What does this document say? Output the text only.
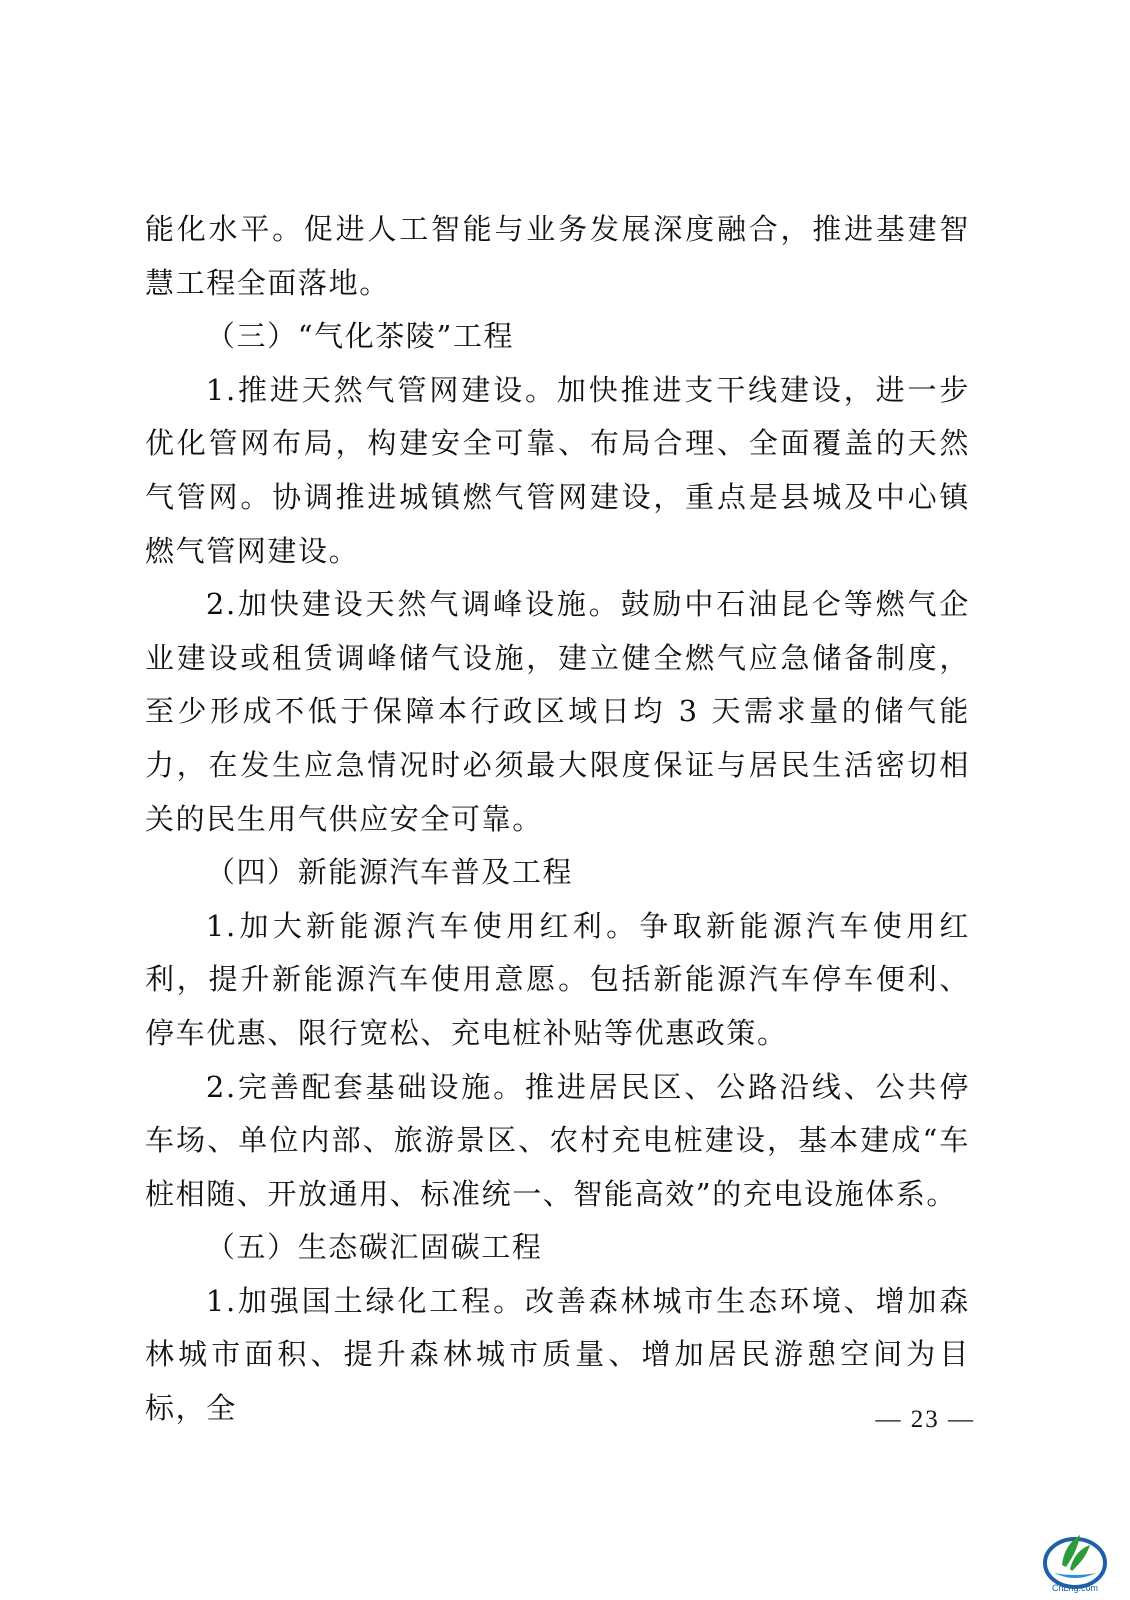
能化水平。促进人工智能与业务发展深度融合，推进基建智慧工程全面落地。

（三）“气化茶陵”工程

1.推进天然气管网建设。加快推进支干线建设，进一步优化管网布局，构建安全可靠、布局合理、全面覆盖的天然气管网。协调推进城镇燃气管网建设，重点是县城及中心镇燃气管网建设。

2.加快建设天然气调峰设施。鼓励中石油昆仑等燃气企业建设或租赁调峰储气设施，建立健全燃气应急储备制度，至少形成不低于保障本行政区域日均 3 天需求量的储气能力，在发生应急情况时必须最大限度保证与居民生活密切相关的民生用气供应安全可靠。

（四）新能源汽车普及工程

1.加大新能源汽车使用红利。争取新能源汽车使用红利，提升新能源汽车使用意愿。包括新能源汽车停车便利、停车优惠、限行宽松、充电桩补贴等优惠政策。

2.完善配套基础设施。推进居民区、公路沿线、公共停车场、单位内部、旅游景区、农村充电桩建设，基本建成“车桩相随、开放通用、标准统一、智能高效”的充电设施体系。

（五）生态碳汇固碳工程

1.加强国土绿化工程。改善森林城市生态环境、增加森林城市面积、提升森林城市质量、增加居民游憩空间为目标，全	— 23 —
CnLng.com
